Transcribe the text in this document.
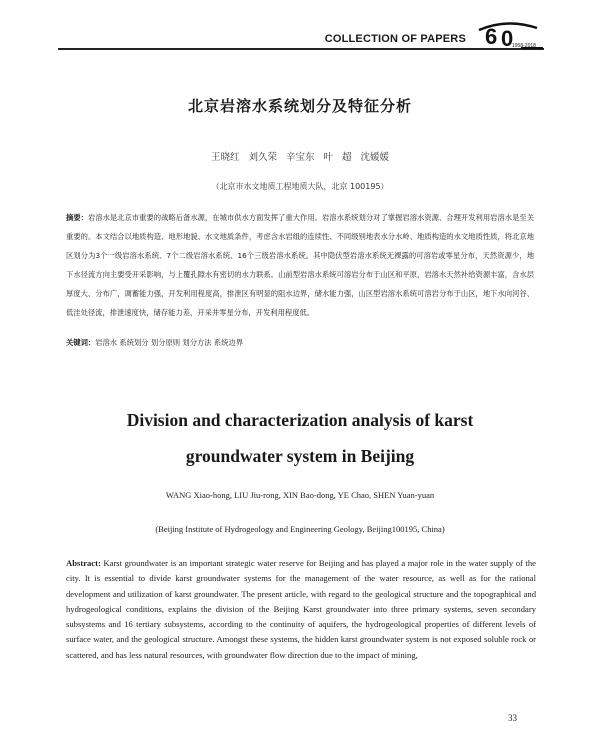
COLLECTION OF PAPERS 6 0
1958-2018
北京岩溶水系统划分及特征分析
王晓红 刘久荣 辛宝东 叶 超 沈媛媛
（北京市水文地质工程地质大队，北京 100195）
摘要：岩溶水是北京市重要的战略后备水源，在城市供水方面发挥了重大作用。岩溶水系统划分对了掌握岩溶水资源、合理开发利用岩溶水是至关重要的。本文结合以地质构造、地形地貌、水文地质条件，考虑含水岩组的连续性、不同级别地表水分水岭、地质构造的水文地质性质，将北京地区划分为3个一级岩溶水系统、7个二级岩溶水系统、16个三级岩溶水系统。其中隐伏型岩溶水系统无裸露的可溶岩或零星分布，天然资源少，地下水径流方向主要受开采影响，与上覆孔隙水有密切的水力联系。山前型岩溶水系统可溶岩分布于山区和平原，岩溶水天然补给资源丰富，含水层厚度大、分布广，调蓄能力强，开发利用程度高，排泄区有明显的阻水边界，储水能力强，山区型岩溶水系统可溶岩分布于山区，地下水向河谷、低洼处径流，排泄速度快，储存能力差，开采井零星分布，开发利用程度低。
关键词：岩溶水 系统划分 划分原则 划分方法 系统边界
Division and characterization analysis of karst groundwater system in Beijing
WANG Xiao-hong, LIU Jiu-rong, XIN Bao-dong, YE Chao, SHEN Yuan-yuan
(Beijing Institute of Hydrogeology and Engineering Geology, Beijing100195, China)
Abstract: Karst groundwater is an important strategic water reserve for Beijing and has played a major role in the water supply of the city. It is essential to divide karst groundwater systems for the management of the water resource, as well as for the rational development and utilization of karst groundwater. The present article, with regard to the geological structure and the topographical and hydrogeological conditions, explains the division of the Beijing Karst groundwater into three primary systems, seven secondary subsystems and 16 tertiary subsystems, according to the continuity of aquifers, the hydrogeological properties of different levels of surface water, and the geological structure. Amongst these systems, the hidden karst groundwater system is not exposed soluble rock or scattered, and has less natural resources, with groundwater flow direction due to the impact of mining,
33
